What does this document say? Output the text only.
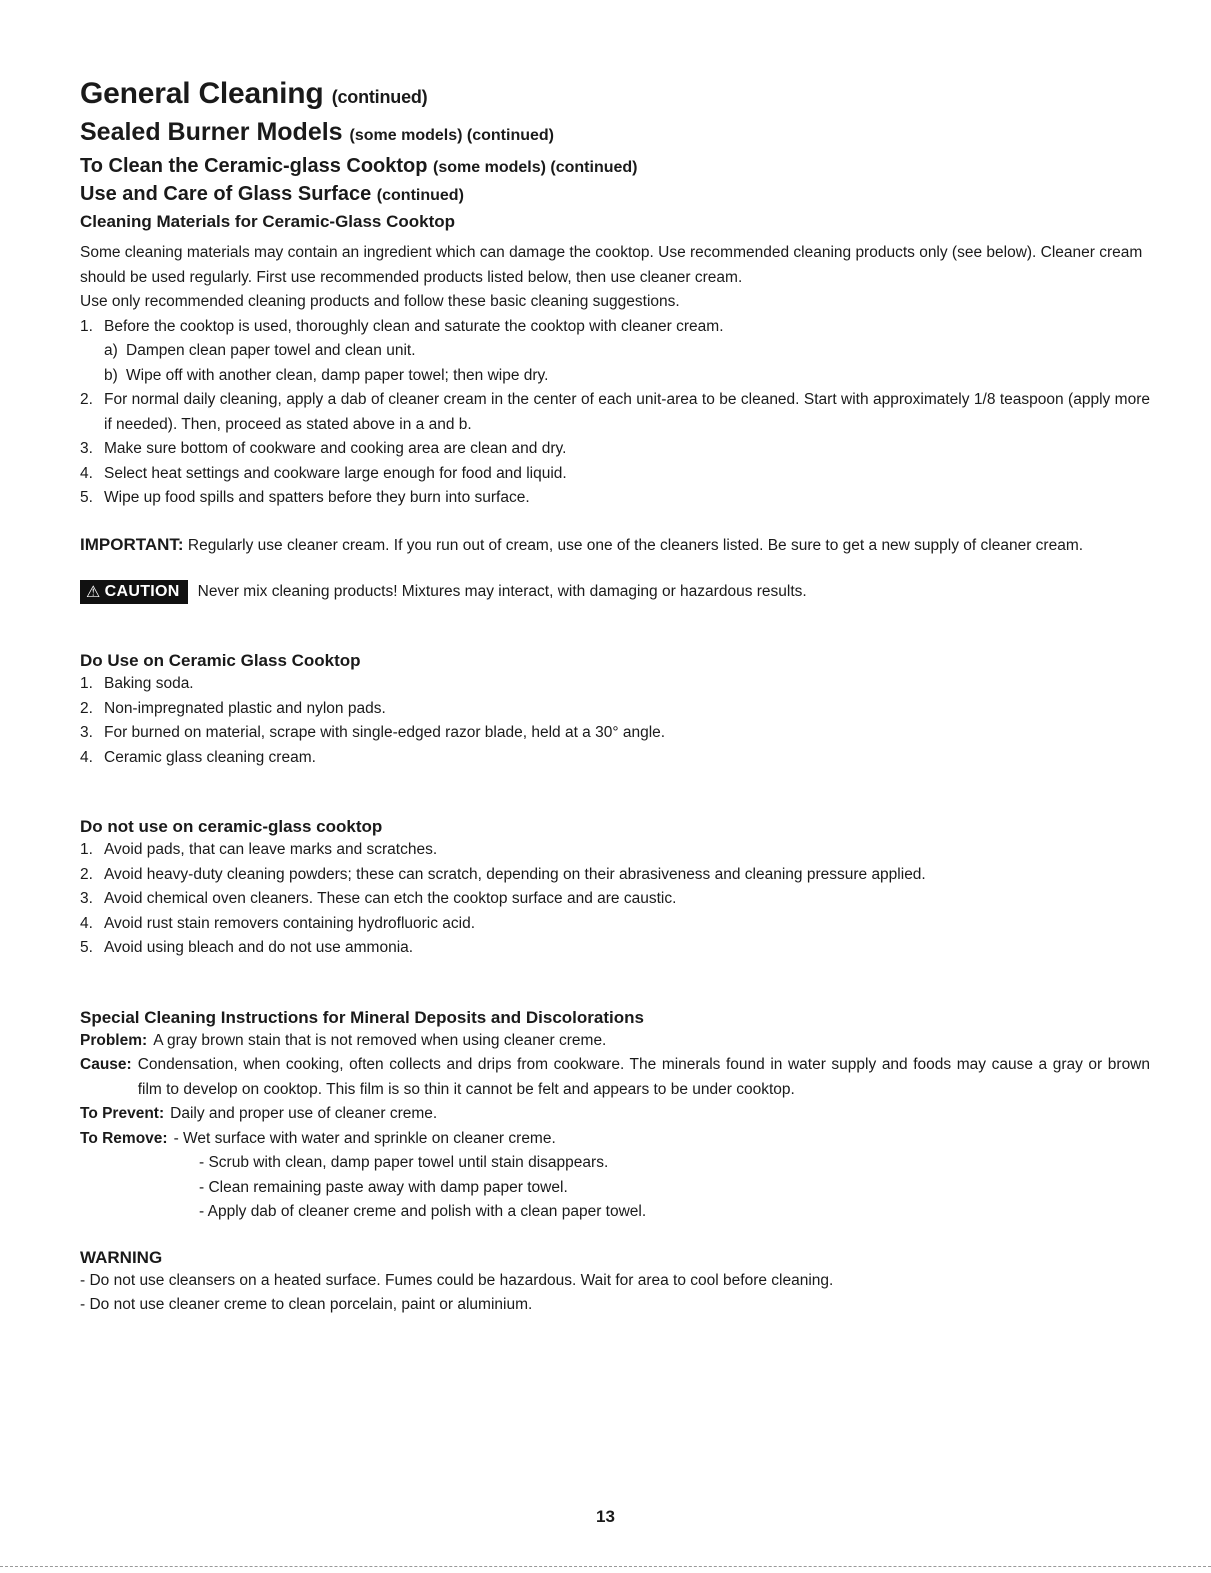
General Cleaning (continued)
Sealed Burner Models (some models) (continued)
To Clean the Ceramic-glass Cooktop (some models) (continued)
Use and Care of Glass Surface (continued)
Cleaning Materials for Ceramic-Glass Cooktop

Some cleaning materials may contain an ingredient which can damage the cooktop. Use recommended cleaning products only (see below). Cleaner cream should be used regularly. First use recommended products listed below, then use cleaner cream.

Use only recommended cleaning products and follow these basic cleaning suggestions.

1. Before the cooktop is used, thoroughly clean and saturate the cooktop with cleaner cream.
a) Dampen clean paper towel and clean unit.
b) Wipe off with another clean, damp paper towel; then wipe dry.
2. For normal daily cleaning, apply a dab of cleaner cream in the center of each unit-area to be cleaned. Start with approximately 1/8 teaspoon (apply more if needed). Then, proceed as stated above in a and b.
3. Make sure bottom of cookware and cooking area are clean and dry.
4. Select heat settings and cookware large enough for food and liquid.
5. Wipe up food spills and spatters before they burn into surface.

IMPORTANT: Regularly use cleaner cream. If you run out of cream, use one of the cleaners listed. Be sure to get a new supply of cleaner cream.

⚠ CAUTION Never mix cleaning products! Mixtures may interact, with damaging or hazardous results.
Do Use on Ceramic Glass Cooktop
1. Baking soda.
2. Non-impregnated plastic and nylon pads.
3. For burned on material, scrape with single-edged razor blade, held at a 30° angle.
4. Ceramic glass cleaning cream.
Do not use on ceramic-glass cooktop
1. Avoid pads, that can leave marks and scratches.
2. Avoid heavy-duty cleaning powders; these can scratch, depending on their abrasiveness and cleaning pressure applied.
3. Avoid chemical oven cleaners. These can etch the cooktop surface and are caustic.
4. Avoid rust stain removers containing hydrofluoric acid.
5. Avoid using bleach and do not use ammonia.
Special Cleaning Instructions for Mineral Deposits and Discolorations
Problem: A gray brown stain that is not removed when using cleaner creme.
Cause: Condensation, when cooking, often collects and drips from cookware. The minerals found in water supply and foods may cause a gray or brown film to develop on cooktop. This film is so thin it cannot be felt and appears to be under cooktop.
To Prevent: Daily and proper use of cleaner creme.
To Remove: - Wet surface with water and sprinkle on cleaner creme.
- Scrub with clean, damp paper towel until stain disappears.
- Clean remaining paste away with damp paper towel.
- Apply dab of cleaner creme and polish with a clean paper towel.
WARNING
- Do not use cleansers on a heated surface. Fumes could be hazardous. Wait for area to cool before cleaning.
- Do not use cleaner creme to clean porcelain, paint or aluminium.
13
